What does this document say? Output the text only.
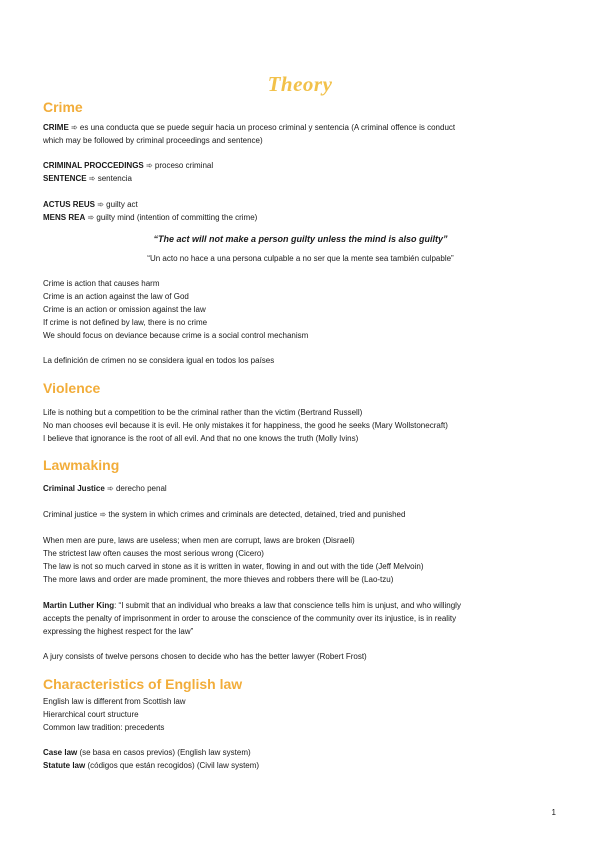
Theory
Crime
CRIME ➾ es una conducta que se puede seguir hacia un proceso criminal y sentencia (A criminal offence is conduct
which may be followed by criminal proceedings and sentence)
CRIMINAL PROCCEDINGS ➾ proceso criminal
SENTENCE ➾ sentencia
ACTUS REUS ➾ guilty act
MENS REA ➾ guilty mind (intention of committing the crime)
“The act will not make a person guilty unless the mind is also guilty”
“Un acto no hace a una persona culpable a no ser que la mente sea también culpable”
Crime is action that causes harm
Crime is an action against the law of God
Crime is an action or omission against the law
If crime is not defined by law, there is no crime
We should focus on deviance because crime is a social control mechanism
La definición de crimen no se considera igual en todos los países
Violence
Life is nothing but a competition to be the criminal rather than the victim (Bertrand Russell)
No man chooses evil because it is evil. He only mistakes it for happiness, the good he seeks (Mary Wollstonecraft)
I believe that ignorance is the root of all evil. And that no one knows the truth (Molly Ivins)
Lawmaking
Criminal Justice ➾ derecho penal
Criminal justice ➾ the system in which crimes and criminals are detected, detained, tried and punished
When men are pure, laws are useless; when men are corrupt, laws are broken (Disraeli)
The strictest law often causes the most serious wrong (Cicero)
The law is not so much carved in stone as it is written in water, flowing in and out with the tide (Jeff Melvoin)
The more laws and order are made prominent, the more thieves and robbers there will be (Lao-tzu)
Martin Luther King: “I submit that an individual who breaks a law that conscience tells him is unjust, and who willingly
accepts the penalty of imprisonment in order to arouse the conscience of the community over its injustice, is in reality
expressing the highest respect for the law”
A jury consists of twelve persons chosen to decide who has the better lawyer (Robert Frost)
Characteristics of English law
English law is different from Scottish law
Hierarchical court structure
Common law tradition: precedents
Case law (se basa en casos previos) (English law system)
Statute law (códigos que están recogidos) (Civil law system)
1
